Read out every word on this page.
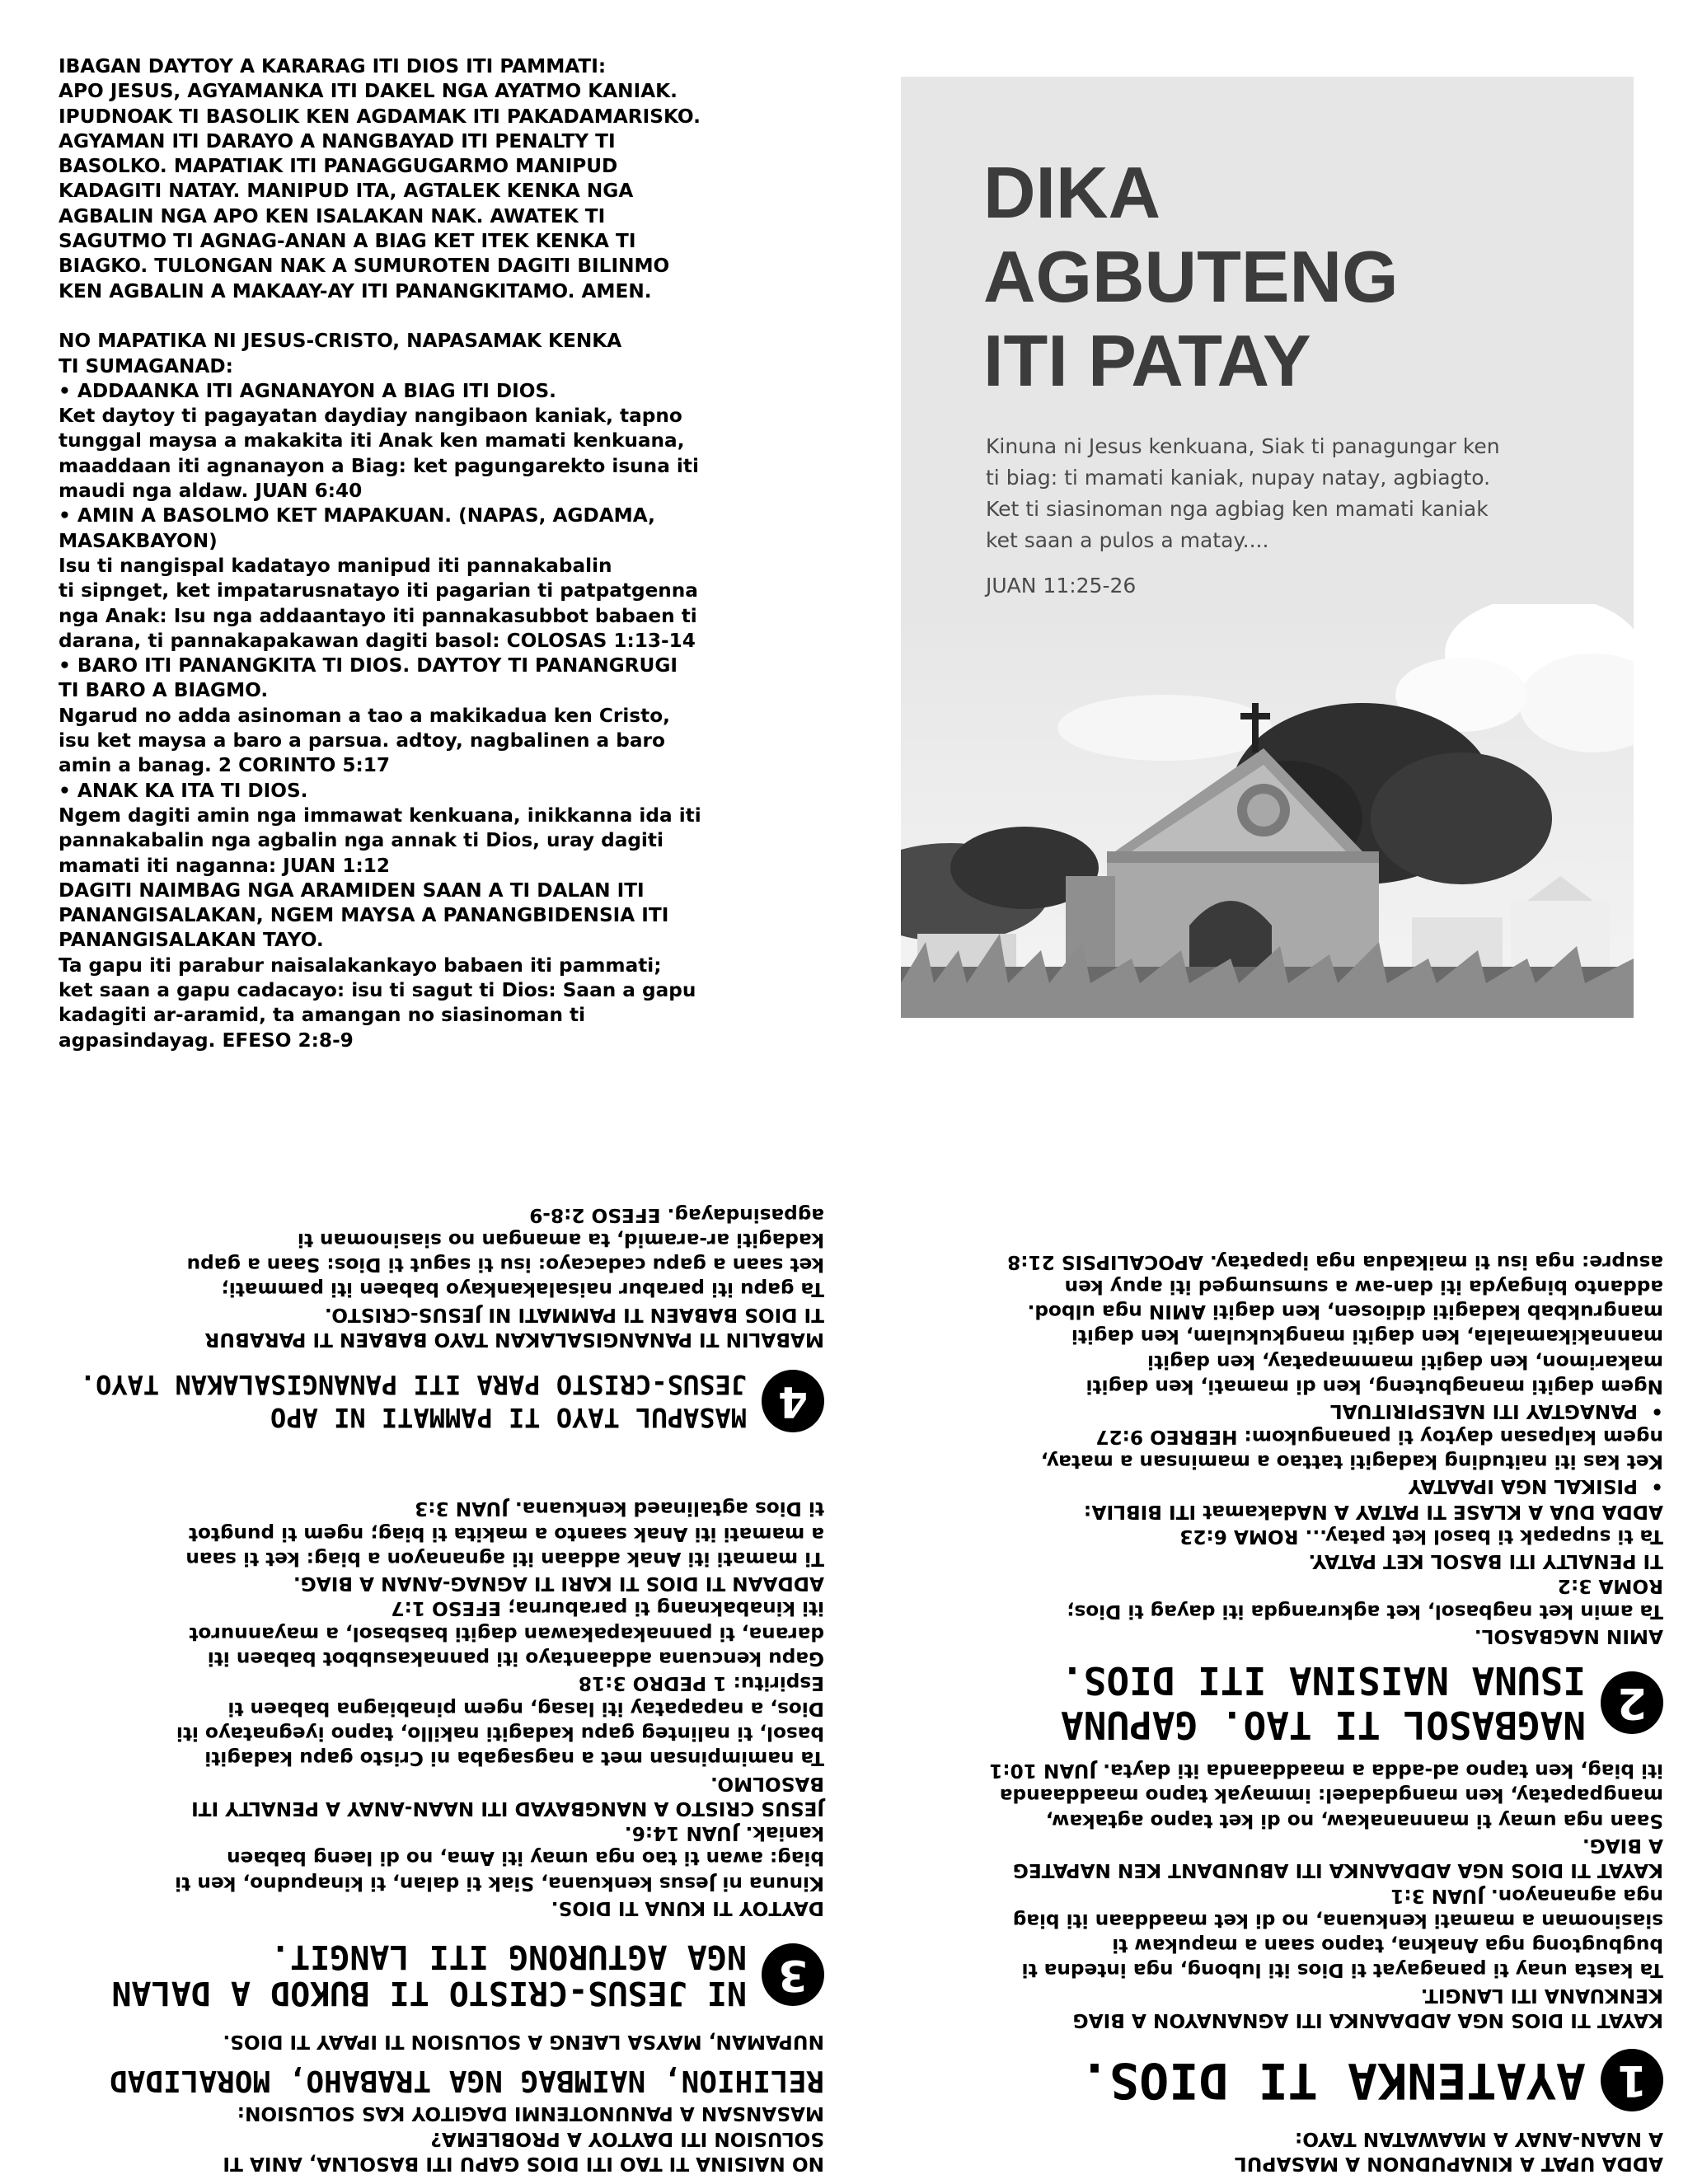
IBAGAN DAYTOY A KARARAG ITI DIOS ITI PAMMATI:
APO JESUS, AGYAMANKA ITI DAKEL NGA AYATMO KANIAK.
IPUDNOAK TI BASOLIK KEN AGDAMAK ITI PAKADAMARISKO.
AGYAMAN ITI DARAYO A NANGBAYAD ITI PENALTY TI
BASOLKO. MAPATIAK ITI PANAGGUGARMO MANIPUD
KADAGITI NATAY. MANIPUD ITA, AGTALEK KENKA NGA
AGBALIN NGA APO KEN ISALAKAN NAK. AWATEK TI
SAGUTMO TI AGNAG-ANAN A BIAG KET ITEK KENKA TI
BIAGKO. TULONGAN NAK A SUMUROTEN DAGITI BILINMO
KEN AGBALIN A MAKAAY-AY ITI PANANGKITAMO. AMEN.

NO MAPATIKA NI JESUS-CRISTO, NAPASAMAK KENKA
TI SUMAGANAD:
• ADDAANKA ITI AGNANAYON A BIAG ITI DIOS.
Ket daytoy ti pagayatan daydiay nangibaon kaniak, tapno
tunggal maysa a makakita iti Anak ken mamati kenkuana,
maaddaan iti agnanayon a Biag: ket pagungarekto isuna iti
maudi nga aldaw. JUAN 6:40
• AMIN A BASOLMO KET MAPAKUAN. (NAPAS, AGDAMA,
MASAKBAYON)
Isu ti nangispal kadatayo manipud iti pannakabalin
ti sipnget, ket impatarusnatayo iti pagarian ti patpatgenna
nga Anak: Isu nga addaantayo iti pannakasubbot babaen ti
darana, ti pannakapakawan dagiti basol: COLOSAS 1:13-14
• BARO ITI PANANGKITA TI DIOS. DAYTOY TI PANANGRUGI
TI BARO A BIAGMO.
Ngarud no adda asinoman a tao a makikadua ken Cristo,
isu ket maysa a baro a parsua. adtoy, nagbalinen a baro
amin a banag. 2 CORINTO 5:17
• ANAK KA ITA TI DIOS.
Ngem dagiti amin nga immawat kenkuana, inikkanna ida iti
pannakabalin nga agbalin nga annak ti Dios, uray dagiti
mamati iti naganna: JUAN 1:12
DAGITI NAIMBAG NGA ARAMIDEN SAAN A TI DALAN ITI
PANANGISALAKAN, NGEM MAYSA A PANANGBIDENSIA ITI
PANANGISALAKAN TAYO.
Ta gapu iti parabur naisalakankayo babaen iti pammati;
ket saan a gapu cadacayo: isu ti sagut ti Dios: Saan a gapu
kadagiti ar-aramid, ta amangan no siasinoman ti
agpasindayag. EFESO 2:8-9

DIKA
AGBUTENG
ITI PATAY

Kinuna ni Jesus kenkuana, Siak ti panagungar ken
ti biag: ti mamati kaniak, nupay natay, agbiagto.
Ket ti siasinoman nga agbiag ken mamati kaniak
ket saan a pulos a matay....

JUAN 11:25-26

ADDA UPAT A KINAPUDNON A MASAPUL
A NAAN-ANAY A MAAWATAN TAYO:

1
AYATENKA TI DIOS.

KAYAT TI DIOS NGA ADDAANKA ITI AGNANAYON A BIAG
KENKUANA ITI LANGIT.
Ta kasta unay ti panagayat ti Dios iti lubong, nga intedna ti
bugbugtong nga Anakna, tapno saan a mapukaw ti
siasinoman a mamati kenkuana, no di ket maaddaan iti biag
nga agnanayon. JUAN 3:1
KAYAT TI DIOS NGA ADDAANKA ITI ABUNDANT KEN NAPATEG
A BIAG.
Saan nga umay ti mannanakaw, no di ket tapno agtakaw,
mangpapatay, ken mangdadael: immayak tapno maaddaanda
iti biag, ken tapno ad-adda a maaddaanda iti dayta. JUAN 10:1

2
NAGBASOL TI TAO. GAPUNA
ISUNA NAISINA ITI DIOS.

AMIN NAGBASOL.
Ta amin ket nagbasol, ket agkurangda iti dayag ti Dios;
ROMA 3:2
TI PENALTY ITI BASOL KET PATAY.
Ta ti supapak ti basol ket patay... ROMA 6:23
ADDA DUA A KLASE TI PATAY A NAdakamat ITI BIBLIA:
•  PISIKAL NGA IPAATAY
Ket kas iti naituding kadagiti tattao a maminsan a matay,
ngem kalpasan daytoy ti panangukom: HEBREO 9:27
•  PANAGTAY ITI NAESPIRITUAL
Ngem dagiti managbuteng, ken di mamati, ken dagiti
makarimon, ken dagiti mammapatay, ken dagiti
mannakikamalala, ken dagiti mangkukulam, ken dagiti
mangrukbab kadagiti didiosen, ken dagiti AMIN nga ulbod.
addanto bingayda iti dan-aw a sumsumged iti apuy ken
asupre: nga isu ti maikadua nga ipapatay. APOCALIPSIS 21:8

NO NAISINA TI TAO ITI DIOS GAPU ITI BASOLNA, ANIA TI
SOLUSION ITI DAYTOY A PROBLEMA?
MASANSAN A PANUNOTENMI DAGITOY KAS SOLUSION:

RELIHION, NAIMBAG NGA TRABAHO, MORALIDAD

NUPAMAN, MAYSA LAENG A SOLUSION TI IPAAY TI DIOS.

3
NI JESUS-CRISTO TI BUKOD A DALAN
NGA AGTURONG ITI LANGIT.

DAYTOY TI KUNA TI DIOS.
Kinuna ni Jesus kenkuana, Siak ti dalan, ti kinapudno, ken ti
biag: awan ti tao nga umay iti Ama, no di laeng babaen
kaniak. JUAN 14:6.
JESUS CRISTO A NANGBAYAD ITI NAAN-ANAY A PENALTY ITI
BASOLMO.
Ta namimpinsan met a nagsagaba ni Cristo gapu kadagiti
basol, ti nalinteg gapu kadagiti nakillo, tapno iyegnatayo iti
Dios, a napapatay iti lasag, ngem pinabiagna babaen ti
Espiritu: 1 PEDRO 3:18
Gapu kencuana addaantayo iti pannakasubbot babaen iti
darana, ti pannakapakawan dagiti basbasol, a mayannurot
iti kinabaknang ti paraburna; EFESO 1:7
ADDAAN TI DIOS TI KARI TI AGNAG-ANAN A BIAG.
Ti mamati iti Anak addaan iti agnanayon a biag: ket ti saan
a mamati iti Anak saanto a makita ti biag; ngem ti pungtot
ti Dios agtalinaed kenkuana. JUAN 3:3

4
MASAPUL TAYO TI PAMMATI NI APO
JESUS-CRISTO PARA ITI PANANGISALAKAN TAYO.

MABALIN TI PANANGISALAKAN TAYO BABAEN TI PARABUR
TI DIOS BABAEN TI PAMMATI NI JESUS-CRISTO.
Ta gapu iti parabur naisalakankayo babaen iti pammati;
ket saan a gapu cadacayo: isu ti sagut ti Dios: Saan a gapu
kadagiti ar-aramid, ta amangan no siasinoman ti
agpasindayag. EFESO 2:8-9
